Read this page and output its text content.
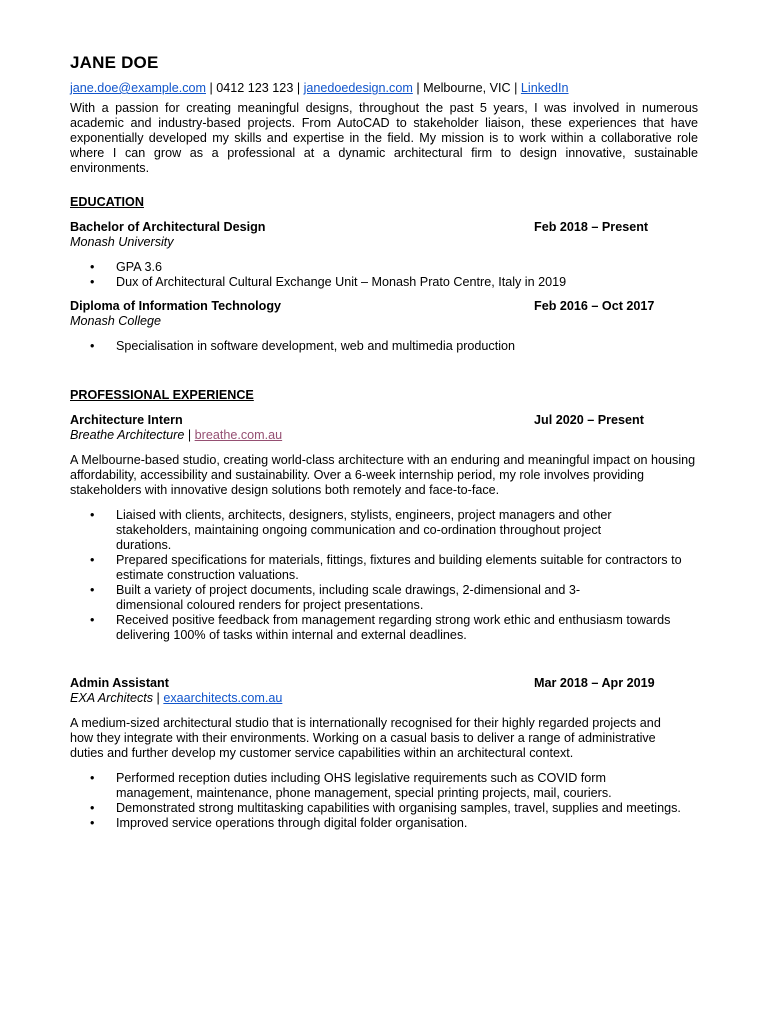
JANE DOE
jane.doe@example.com | 0412 123 123 | janedoedesign.com | Melbourne, VIC | LinkedIn

With a passion for creating meaningful designs, throughout the past 5 years, I was involved in numerous academic and industry-based projects. From AutoCAD to stakeholder liaison, these experiences that have exponentially developed my skills and expertise in the field. My mission is to work within a collaborative role where I can grow as a professional at a dynamic architectural firm to design innovative, sustainable environments.

EDUCATION
Bachelor of Architectural Design	Feb 2018 – Present
Monash University
• GPA 3.6
• Dux of Architectural Cultural Exchange Unit – Monash Prato Centre, Italy in 2019
Diploma of Information Technology	Feb 2016 – Oct 2017
Monash College
• Specialisation in software development, web and multimedia production
PROFESSIONAL EXPERIENCE
Architecture Intern	Jul 2020 – Present
Breathe Architecture | breathe.com.au

A Melbourne-based studio, creating world-class architecture with an enduring and meaningful impact on housing affordability, accessibility and sustainability. Over a 6-week internship period, my role involves providing stakeholders with innovative design solutions both remotely and face-to-face.

• Liaised with clients, architects, designers, stylists, engineers, project managers and other stakeholders, maintaining ongoing communication and co-ordination throughout project durations.
• Prepared specifications for materials, fittings, fixtures and building elements suitable for contractors to estimate construction valuations.
• Built a variety of project documents, including scale drawings, 2-dimensional and 3-dimensional coloured renders for project presentations.
• Received positive feedback from management regarding strong work ethic and enthusiasm towards delivering 100% of tasks within internal and external deadlines.
Admin Assistant	Mar 2018 – Apr 2019
EXA Architects | exaarchitects.com.au

A medium-sized architectural studio that is internationally recognised for their highly regarded projects and how they integrate with their environments. Working on a casual basis to deliver a range of administrative duties and further develop my customer service capabilities within an architectural context.

• Performed reception duties including OHS legislative requirements such as COVID form management, maintenance, phone management, special printing projects, mail, couriers.
• Demonstrated strong multitasking capabilities with organising samples, travel, supplies and meetings.
• Improved service operations through digital folder organisation.
